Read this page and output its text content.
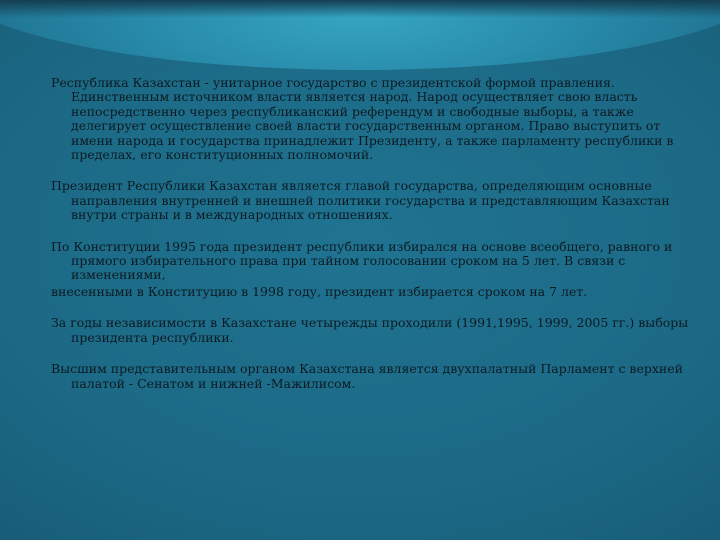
Республика Казахстан - унитарное государство с президентской формой правления. Единственным источником власти является народ. Народ осуществляет свою власть непосредственно через республиканский референдум и свободные выборы, а также делегирует осуществление своей власти государственным органом. Право выступить от имени народа и государства принадлежит Президенту, а также парламенту республики в пределах, его конституционных полномочий.

Президент Республики Казахстан является главой государства, определяющим основные направления внутренней и внешней политики государства и представляющим Казахстан внутри страны и в международных отношениях.

По Конституции 1995 года президент республики избирался на основе всеобщего, равного и прямого избирательного права при тайном голосовании сроком на 5 лет. В связи с изменениями,
внесенными в Конституцию в 1998 году, президент избирается сроком на 7 лет.

За годы независимости в Казахстане четырежды проходили (1991,1995, 1999, 2005 гг.) выборы президента республики.

Высшим представительным органом Казахстана является двухпалатный Парламент с верхней палатой - Сенатом и нижней -Мажилисом.
